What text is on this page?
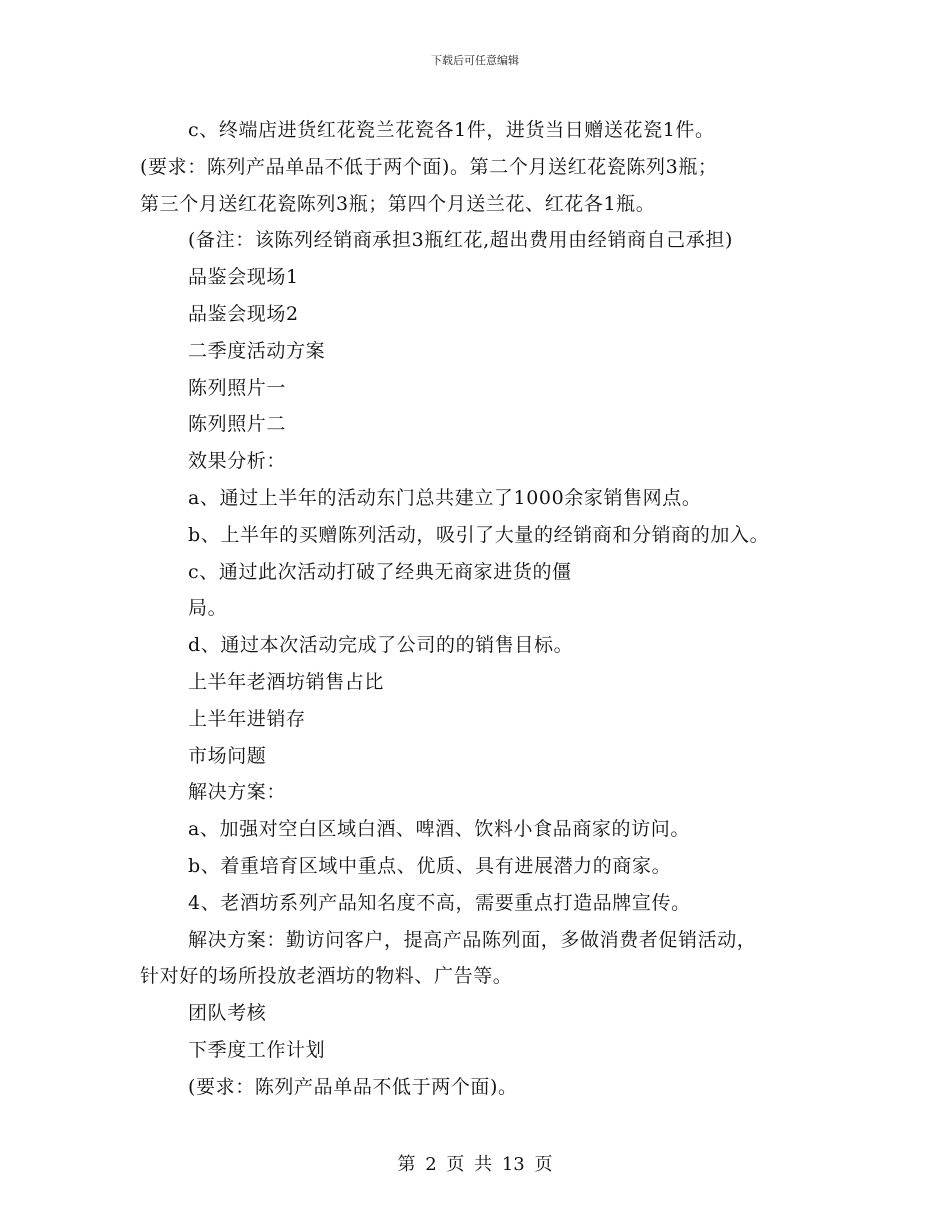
下载后可任意编辑
c、终端店进货红花瓷兰花瓷各1件，进货当日赠送花瓷1件。
(要求：陈列产品单品不低于两个面)。第二个月送红花瓷陈列3瓶；
第三个月送红花瓷陈列3瓶；第四个月送兰花、红花各1瓶。
(备注：该陈列经销商承担3瓶红花,超出费用由经销商自己承担)
品鉴会现场1
品鉴会现场2
二季度活动方案
陈列照片一
陈列照片二
效果分析：
a、通过上半年的活动东门总共建立了1000余家销售网点。
b、上半年的买赠陈列活动，吸引了大量的经销商和分销商的加入。
c、通过此次活动打破了经典无商家进货的僵
局。
d、通过本次活动完成了公司的的销售目标。
上半年老酒坊销售占比
上半年进销存
市场问题
解决方案：
a、加强对空白区域白酒、啤酒、饮料小食品商家的访问。
b、着重培育区域中重点、优质、具有进展潜力的商家。
4、老酒坊系列产品知名度不高，需要重点打造品牌宣传。
解决方案：勤访问客户，提高产品陈列面，多做消费者促销活动，
针对好的场所投放老酒坊的物料、广告等。
团队考核
下季度工作计划
(要求：陈列产品单品不低于两个面)。
第 2 页 共 13 页
